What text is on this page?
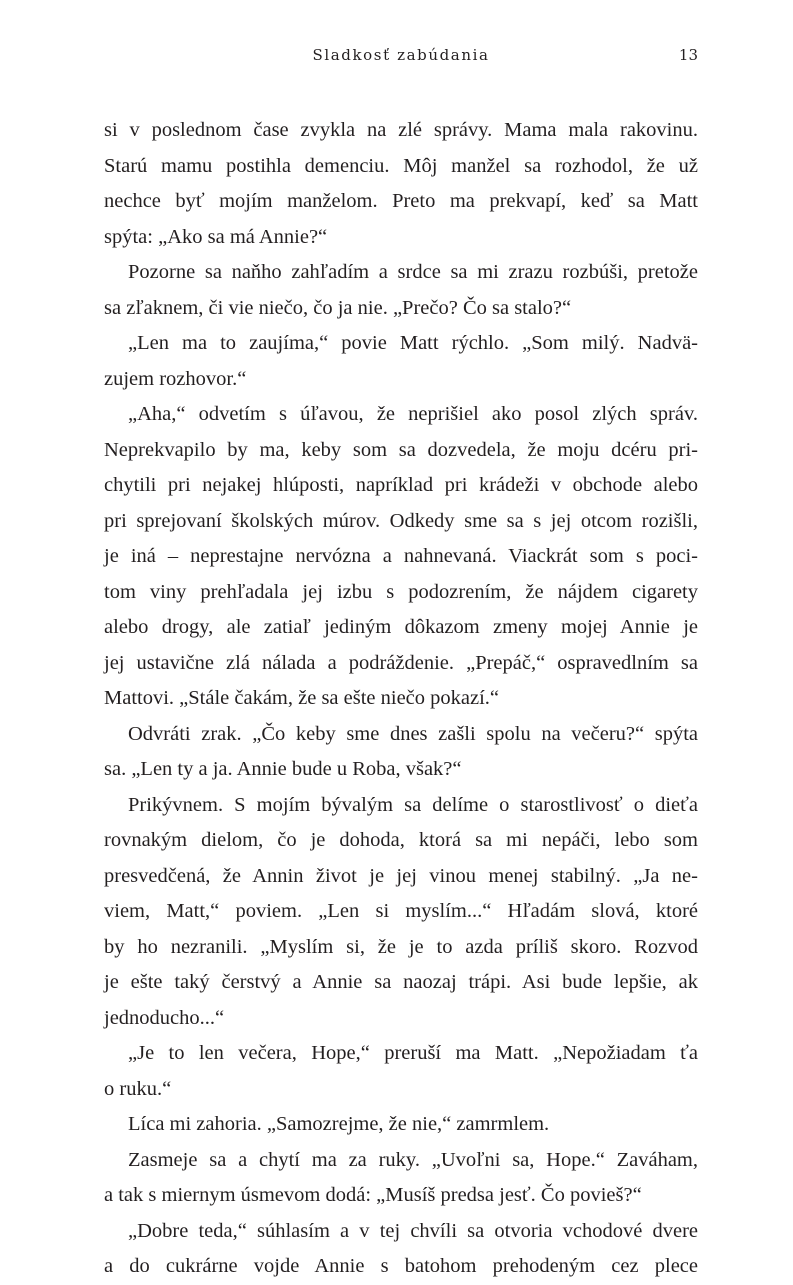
Sladkosť zabúdania	13
si v poslednom čase zvykla na zlé správy. Mama mala rakovinu.
Starú mamu postihla demenciu. Môj manžel sa rozhodol, že už
nechce byť mojím manželom. Preto ma prekvapí, keď sa Matt
spýta: „Ako sa má Annie?“
Pozorne sa naňho zahľadím a srdce sa mi zrazu rozbúši, pretože
sa zľaknem, či vie niečo, čo ja nie. „Prečo? Čo sa stalo?“
„Len ma to zaujíma,“ povie Matt rýchlo. „Som milý. Nadvä-
zujem rozhovor.“
„Aha,“ odvetím s úľavou, že neprišiel ako posol zlých správ.
Neprekvapilo by ma, keby som sa dozvedela, že moju dcéru pri-
chytili pri nejakej hlúposti, napríklad pri krádeži v obchode alebo
pri sprejovaní školských múrov. Odkedy sme sa s jej otcom rozišli,
je iná – neprestajne nervózna a nahnevaná. Viackrát som s poci-
tom viny prehľadala jej izbu s podozrením, že nájdem cigarety
alebo drogy, ale zatiaľ jediným dôkazom zmeny mojej Annie je
jej ustavične zlá nálada a podráždenie. „Prepáč,“ ospravedlním sa
Mattovi. „Stále čakám, že sa ešte niečo pokazí.“
Odvráti zrak. „Čo keby sme dnes zašli spolu na večeru?“ spýta
sa. „Len ty a ja. Annie bude u Roba, však?“
Prikývnem. S mojím bývalým sa delíme o starostlivosť o dieťa
rovnakým dielom, čo je dohoda, ktorá sa mi nepáči, lebo som
presvedčená, že Annin život je jej vinou menej stabilný. „Ja ne-
viem, Matt,“ poviem. „Len si myslím...“ Hľadám slová, ktoré
by ho nezranili. „Myslím si, že je to azda príliš skoro. Rozvod
je ešte taký čerstvý a Annie sa naozaj trápi. Asi bude lepšie, ak
jednoducho...“
„Je to len večera, Hope,“ preruší ma Matt. „Nepožiadam ťa
o ruku.“
Líca mi zahoria. „Samozrejme, že nie,“ zamrmlem.
Zasmeje sa a chytí ma za ruky. „Uvoľni sa, Hope.“ Zaváham,
a tak s miernym úsmevom dodá: „Musíš predsa jesť. Čo povieš?“
„Dobre teda,“ súhlasím a v tej chvíli sa otvoria vchodové dvere
a do cukrárne vojde Annie s batohom prehodeným cez plece
